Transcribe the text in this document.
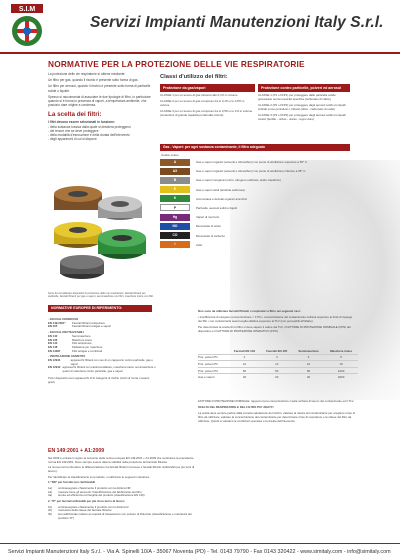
S.I.M
Servizi Impianti Manutenzioni Italy S.r.l.
NORMATIVE PER LA PROTEZIONE DELLE VIE RESPIRATORIE

La protezione delle vie respiratorie si ottiene mediante:

Un filtro per gas, quando il rischio è presente sotto forma di gas.

Un filtro per aerosol, quando il rischio è presente sotto forma di particelle solide o liquide.

Spesso si raccomanda di associare le due tipologie di filtro, in particolare quando si è forma in presenza di vapori, a temperatura ambiente, che possono dare origine a condensa.

La scelta dei filtri:

I filtri devono essere selezionati in funzione:

- della sostanza tossica dalla quale si desidera proteggersi

- del tenore che se deve proteggere

- della modalità d'esecuzione e della durata dell'intervento

- degli apparecchi di cui si dispone

Sono da considerare dispositivi di protezione delle vie respiratorie: facciali filtranti per particelle, facciali filtranti per gas e vapori, semimaschere con filtri, maschere intere con filtri.
Classi d'utilizzo dei filtri:
Protezione da gas/vapori	Protezione contro particelle, polveri ed aerosol

CLASSE 1 per un tenore di gas inferiore allo 0,1% in volume

CLASSE 2 per un tenore di gas compreso tra lo 0,1% e lo 0,5% in volume

CLASSE 3 per un tenore di gas compreso tra lo 0,5% e lo 1% in volume (contenitori di grande capacità portati alla cintura)

CLASSE 1 (P1 o FFP1) per proteggere dalle particelle solide grossolane senza tossicità specifica (carbonato di calcio)

CLASSE 2 (P2 o FFP2) per proteggere dagli aerosol solidi e/o liquidi indicati come pericolosi o irritanti (silice - carbonato di sodio)

CLASSE 3 (P3 o FFP3) per proteggere dagli aerosol solidi e/o liquidi tossici (berillio - nichel - uranio - legno duro)

Gas - Vapori: per ogni sostanza contaminante, il filtro adeguato
Codice colore
A	Gas e vapori organici (solventi e idrocarburi) con punto di ebollizione superiore a 65° C
AX	Gas e vapori organici (solventi e idrocarburi) con punto di ebollizione inferiore a 65° C
B	Gas e vapori inorganici (cloro, idrogeno solforato, acido cianidrico)
E	Gas e vapori acidi (anidride solforosa)
K	Ammoniaca e derivati organici amminici
P	Particelle, aerosol solidi e liquidi
Hg	Vapori di mercurio
NO	Monossido di azoto
CO	Monossido di carbonio
I	Iodio
NORMATIVE EUROPEE DI RIFERIMENTO:
- FACCIALI MONOUSO
EN 149:2001*	Facciali filtranti antipolvere
EN 405	Facciali filtranti antigas e vapori
- FACCIALI RIUTILIZZABILI
EN 140	Semimaschere
EN 136	Maschere intere
EN 143	Filtri antipolvere
EN 148	Filettatura per maschere
EN 14387	Filtri antigas e combinati
- VENTILAZIONE ASSISTITA
EN 12941	apparecchi filtranti con uso di un cappuccio contro particelle, gas e vapori
EN 12942 apparecchi filtranti con elettroventilatore, maschera intera, semimaschere o quarti di maschera contro particelle, gas e vapori
Tutti i dispositivi sono apparecchi di III categoria di rischio (rischi di morte o lesioni gravi)

Non sono da utilizzare facciali filtranti o respiratori a filtro nei seguenti casi:

• insufficienza di ossigeno (concentrazione < 17%) • concentrazione del contaminante nell'aria superiore ai limiti di impiego dei filtri • con contaminanti aventi soglia olfattiva superiore al TLV (non percepibili all'olfatto).

Per determinare la scelta di un filtro si deve sapere il valore del TLV, il FATTORE DI PROTEZIONE NOMINALE (FPN) del dispositivo e il FATTORE DI PROTEZIONE OPERATIVO (FPO).

	Facciali EN 149	Facciali EN 405	Semimaschere	Maschere intere
Prot. polveri P1	4	4	4	5
Prot. polveri P2	12	12	12	16
Prot. polveri P3	50	50	50	1000
Gas e vapori	20	20	20	2000

FATTORE DI PROTEZIONE NOMINALE: rapporto tra la concentrazione media nell'aria di lavoro del contaminante ed il TLV.

SCELTA DEL RESPIRATORE E DEL FILTRO PIU' ADATTI

La scelta deve sempre partire dalla corretta valutazione del rischio: valutare la natura del contaminante per scegliere il tipo di filtro da utilizzare; valutare la concentrazione del contaminante per determinare il tipo di respiratore e la classe del filtro da utilizzare. Quindi si valutano le condizioni operative e la durata dell'intervento.

EN 149:2001 + A1:2009

Nel 2009 è entrata in vigore la revisione della norma europea EN 149:2001 + A1:2009 che sostituisce la precedente norma EN 149:2001. Deve sempre essere data la stabilità nella protezione del facciale filtrante.

La nuova norma introduce la differenziazione tra facciali filtranti monouso e facciali filtranti riutilizzabili (se più turni di lavoro).

Per identificare la classificazione sul prodotto, si utilizzano le seguenti marcature:

1."NR" per facciali non riutilizzabili

1a)	contrassegnare chiaramente il prodotto con la dicitura NR
2a)	marcare bene gli elementi: l'identificazione del fabbricante del filtro
3a)	tenuta ed efficienza ed integrità del prodotto (classificazione EN 149)

2. "R" per facciali utilizzabili per più di un turno di lavoro

1b)	contrassegnare chiaramente il prodotto con la dicitura R
2b)	marcatura della classe del facciale filtrante
3b)	test addizionale relativo ai requisiti di intasamento con polvere di Dolomite (classificazione e marcatura del prodotto "D")
Servizi Impianti Manutenzioni Italy S.r.l. - Via A. Spinelli 10/A - 35067 Noventa (PD) - Tel. 0143 79790 - Fax 0143 320422 - www.simitaly.com - info@simitaly.com
